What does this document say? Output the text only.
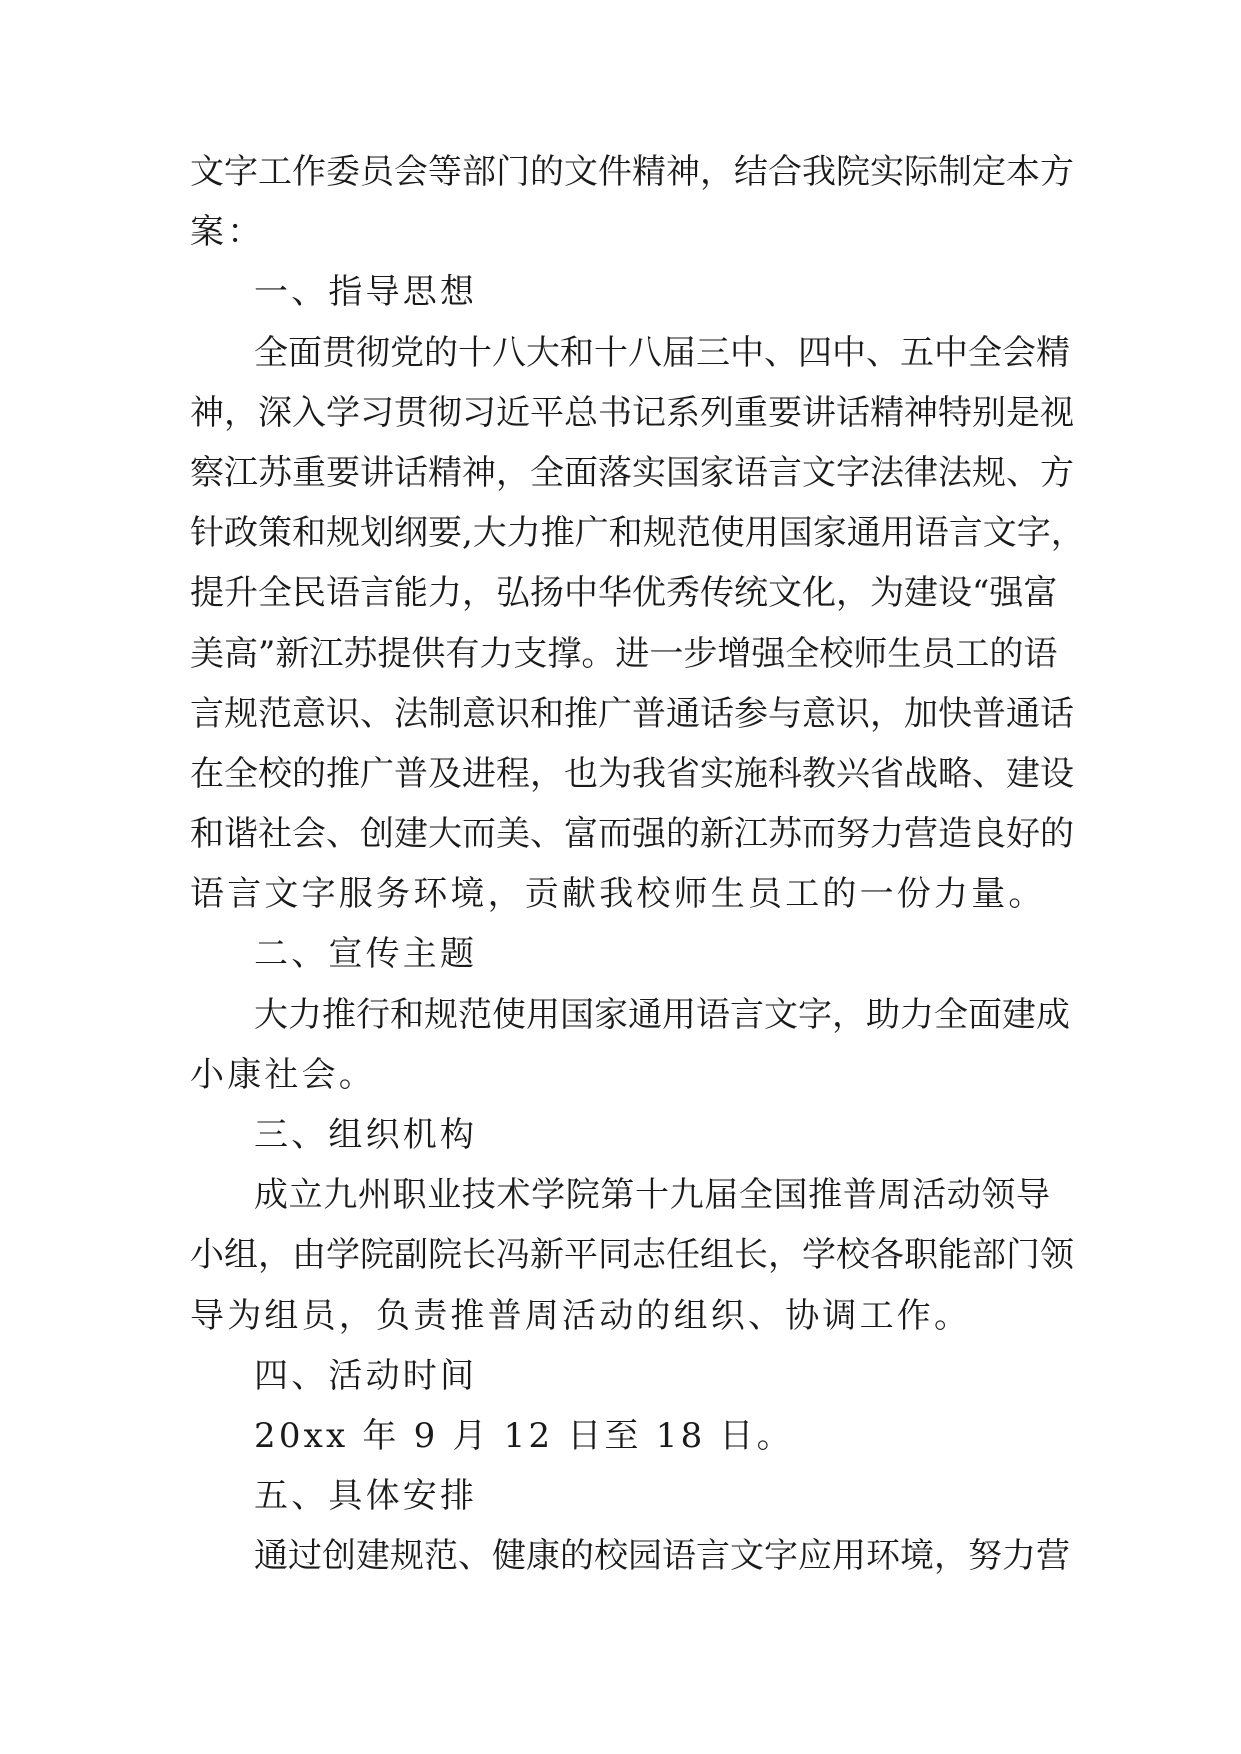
文字工作委员会等部门的文件精神，结合我院实际制定本方
案：
一、指导思想
全面贯彻党的十八大和十八届三中、四中、五中全会精
神，深入学习贯彻习近平总书记系列重要讲话精神特别是视
察江苏重要讲话精神，全面落实国家语言文字法律法规、方
针政策和规划纲要,大力推广和规范使用国家通用语言文字，
提升全民语言能力，弘扬中华优秀传统文化，为建设“强富
美高”新江苏提供有力支撑。进一步增强全校师生员工的语
言规范意识、法制意识和推广普通话参与意识，加快普通话
在全校的推广普及进程，也为我省实施科教兴省战略、建设
和谐社会、创建大而美、富而强的新江苏而努力营造良好的
语言文字服务环境，贡献我校师生员工的一份力量。
二、宣传主题
大力推行和规范使用国家通用语言文字，助力全面建成
小康社会。
三、组织机构
成立九州职业技术学院第十九届全国推普周活动领导
小组，由学院副院长冯新平同志任组长，学校各职能部门领
导为组员，负责推普周活动的组织、协调工作。
四、活动时间
20xx 年 9 月 12 日至 18 日。
五、具体安排
通过创建规范、健康的校园语言文字应用环境，努力营
